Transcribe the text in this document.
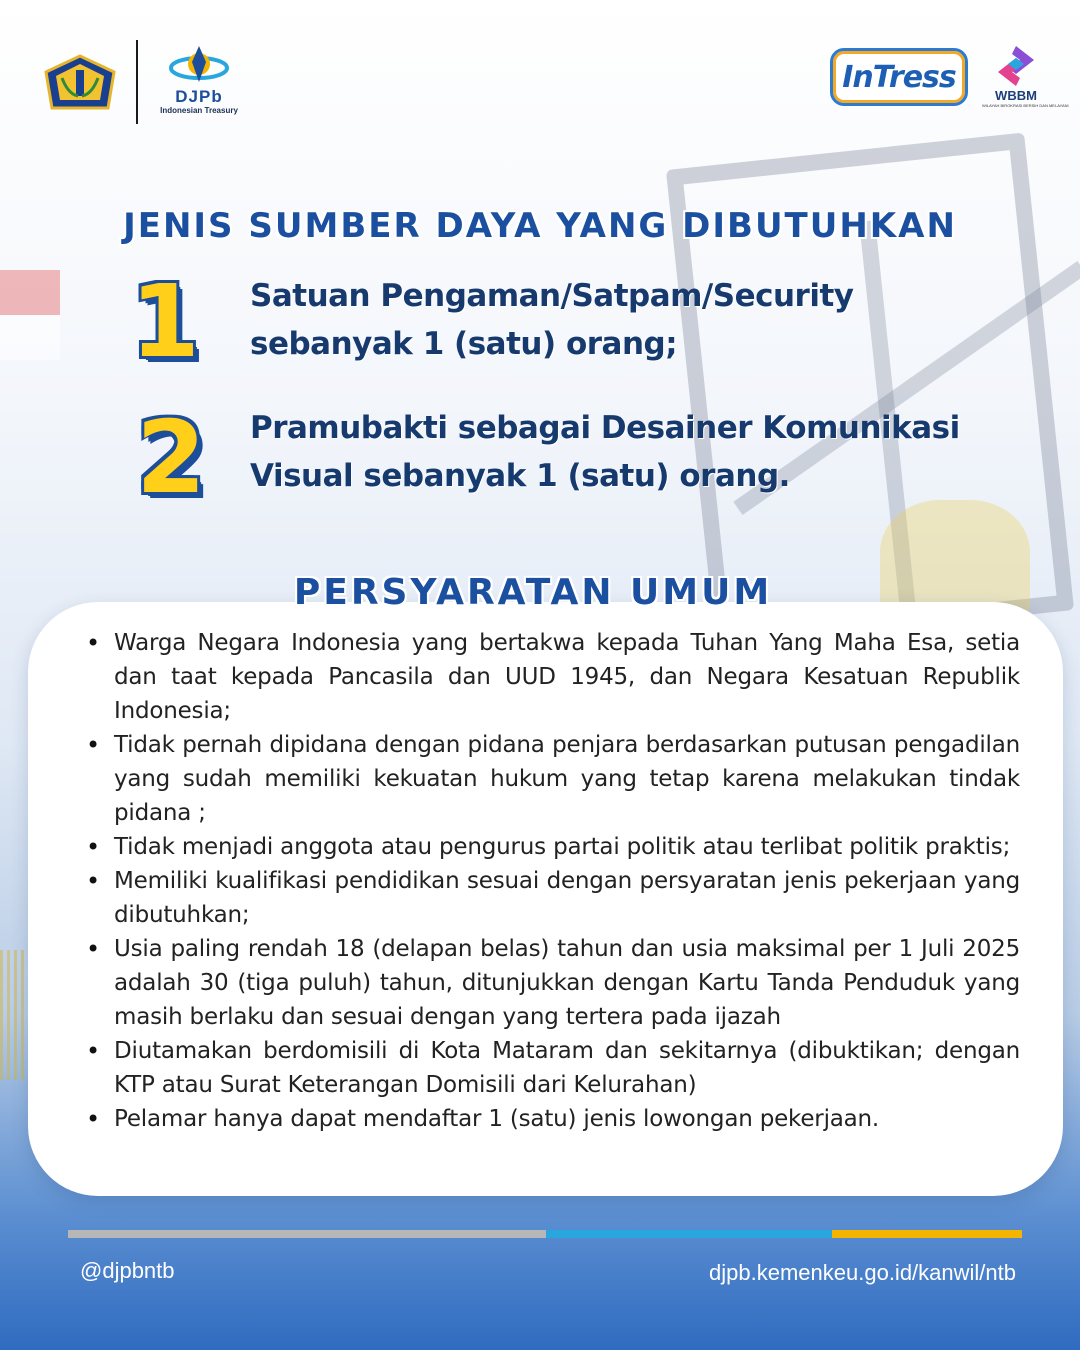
DJPb
Indonesian Treasury
InTress
WBBM
WILAYAH BIROKRASI BERSIH DAN MELAYANI
JENIS SUMBER DAYA YANG DIBUTUHKAN
1	Satuan Pengaman/Satpam/Security
sebanyak 1 (satu) orang;
2	Pramubakti sebagai Desainer Komunikasi
Visual sebanyak 1 (satu) orang.
PERSYARATAN UMUM
• Warga Negara Indonesia yang bertakwa kepada Tuhan Yang Maha Esa, setia dan taat kepada Pancasila dan UUD 1945, dan Negara Kesatuan Republik Indonesia;
• Tidak pernah dipidana dengan pidana penjara berdasarkan putusan pengadilan yang sudah memiliki kekuatan hukum yang tetap karena melakukan tindak pidana ;
• Tidak menjadi anggota atau pengurus partai politik atau terlibat politik praktis;
• Memiliki kualifikasi pendidikan sesuai dengan persyaratan jenis pekerjaan yang dibutuhkan;
• Usia paling rendah 18 (delapan belas) tahun dan usia maksimal per 1 Juli 2025 adalah 30 (tiga puluh) tahun, ditunjukkan dengan Kartu Tanda Penduduk yang masih berlaku dan sesuai dengan yang tertera pada ijazah
• Diutamakan berdomisili di Kota Mataram dan sekitarnya (dibuktikan; dengan KTP atau Surat Keterangan Domisili dari Kelurahan)
• Pelamar hanya dapat mendaftar 1 (satu) jenis lowongan pekerjaan.
@djpbntb	djpb.kemenkeu.go.id/kanwil/ntb
